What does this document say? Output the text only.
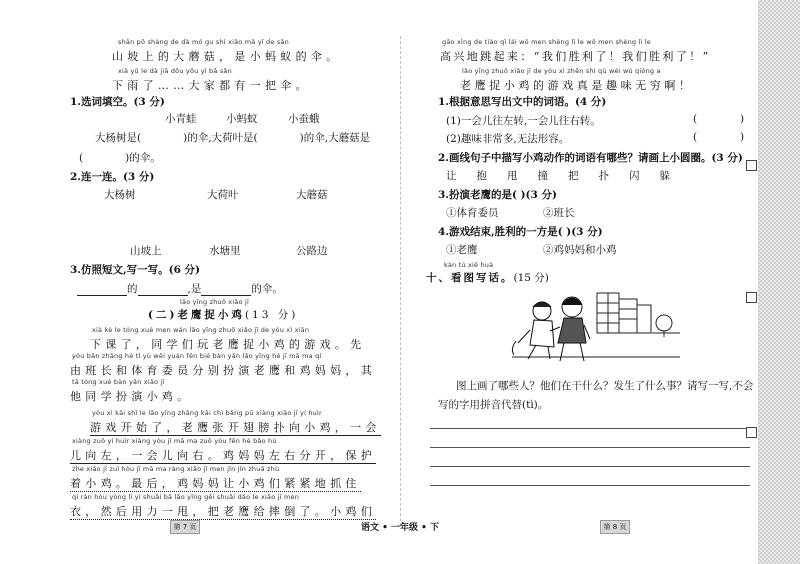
shān pō shàng de dà mó gu shì xiǎo mǎ yǐ de sǎn
山坡上的大蘑菇，是小蚂蚁的伞。
xià yǔ le dà jiā dōu yǒu yì bǎ sǎn
下雨了……大家都有一把伞。
1.选词填空。(3 分)
小青蛙	小蚂蚁	小蚕蛾
大杨树是(	)的伞,大荷叶是(	)的伞,大蘑菇是
(	)的伞。
2.连一连。(3 分)
大杨树	大荷叶	大蘑菇
山坡上	水塘里	公路边
3.仿照短文,写一写。(6 分)
的	,是	的伞。
lǎo yīng zhuō xiǎo jī
(二)老鹰捉小鸡(13 分)
xià kè le tóng xué men wán lǎo yīng zhuō xiǎo jī de yóu xì xiān
下课了，同学们玩老鹰捉小鸡的游戏。先
yóu bān zhǎng hé tǐ yù wěi yuán fēn bié bàn yǎn lǎo yīng hé jī mā ma qí
由班长和体育委员分别扮演老鹰和鸡妈妈，其
tā tóng xué bàn yǎn xiǎo jī
他同学扮演小鸡。
yóu xì kāi shǐ le lǎo yīng zhāng kāi chì bǎng pū xiàng xiǎo jī yí huìr
游戏开始了，老鹰张开翅膀扑向小鸡，一会
xiàng zuǒ yí huìr xiàng yòu jī mā ma zuǒ yòu fēn hé bǎo hù
儿向左，一会儿向右。鸡妈妈左右分开，保护
zhe xiǎo jī zuì hòu jī mā ma ràng xiǎo jī men jǐn jǐn zhuā zhù
着小鸡。最后，鸡妈妈让小鸡们紧紧地抓住
qí rán hòu yòng lì yì shuǎi bǎ lǎo yīng gěi shuǎi dǎo le xiǎo jī men
衣，然后用力一甩，把老鹰给摔倒了。小鸡们
第 7 页	语文 • 一年级 • 下
gāo xìng de tiào qǐ lái wǒ men shèng lì le wǒ men shèng lì le
高兴地跳起来：“我们胜利了！我们胜利了！”
lǎo yīng zhuō xiǎo jī de yóu xì zhēn shì qù wèi wú qióng a
老鹰捉小鸡的游戏真是趣味无穷啊！
1.根据意思写出文中的词语。(4 分)
(1)一会儿往左转,一会儿往右转。	(	)
(2)趣味非常多,无法形容。	(	)
2.画线句子中描写小鸡动作的词语有哪些？请画上小圆圈。(3 分)
让 抱 甩 撞 把 扑 闪 躲
3.扮演老鹰的是( )(3 分)
①体育委员	②班长
4.游戏结束,胜利的一方是( )(3 分)
①老鹰	②鸡妈妈和小鸡
kàn tú xiě huà
十、看图写话。(15 分)
图上画了哪些人？他们在干什么？发生了什么事？请写一写,不会
写的字用拼音代替(tì)。
第 8 页
